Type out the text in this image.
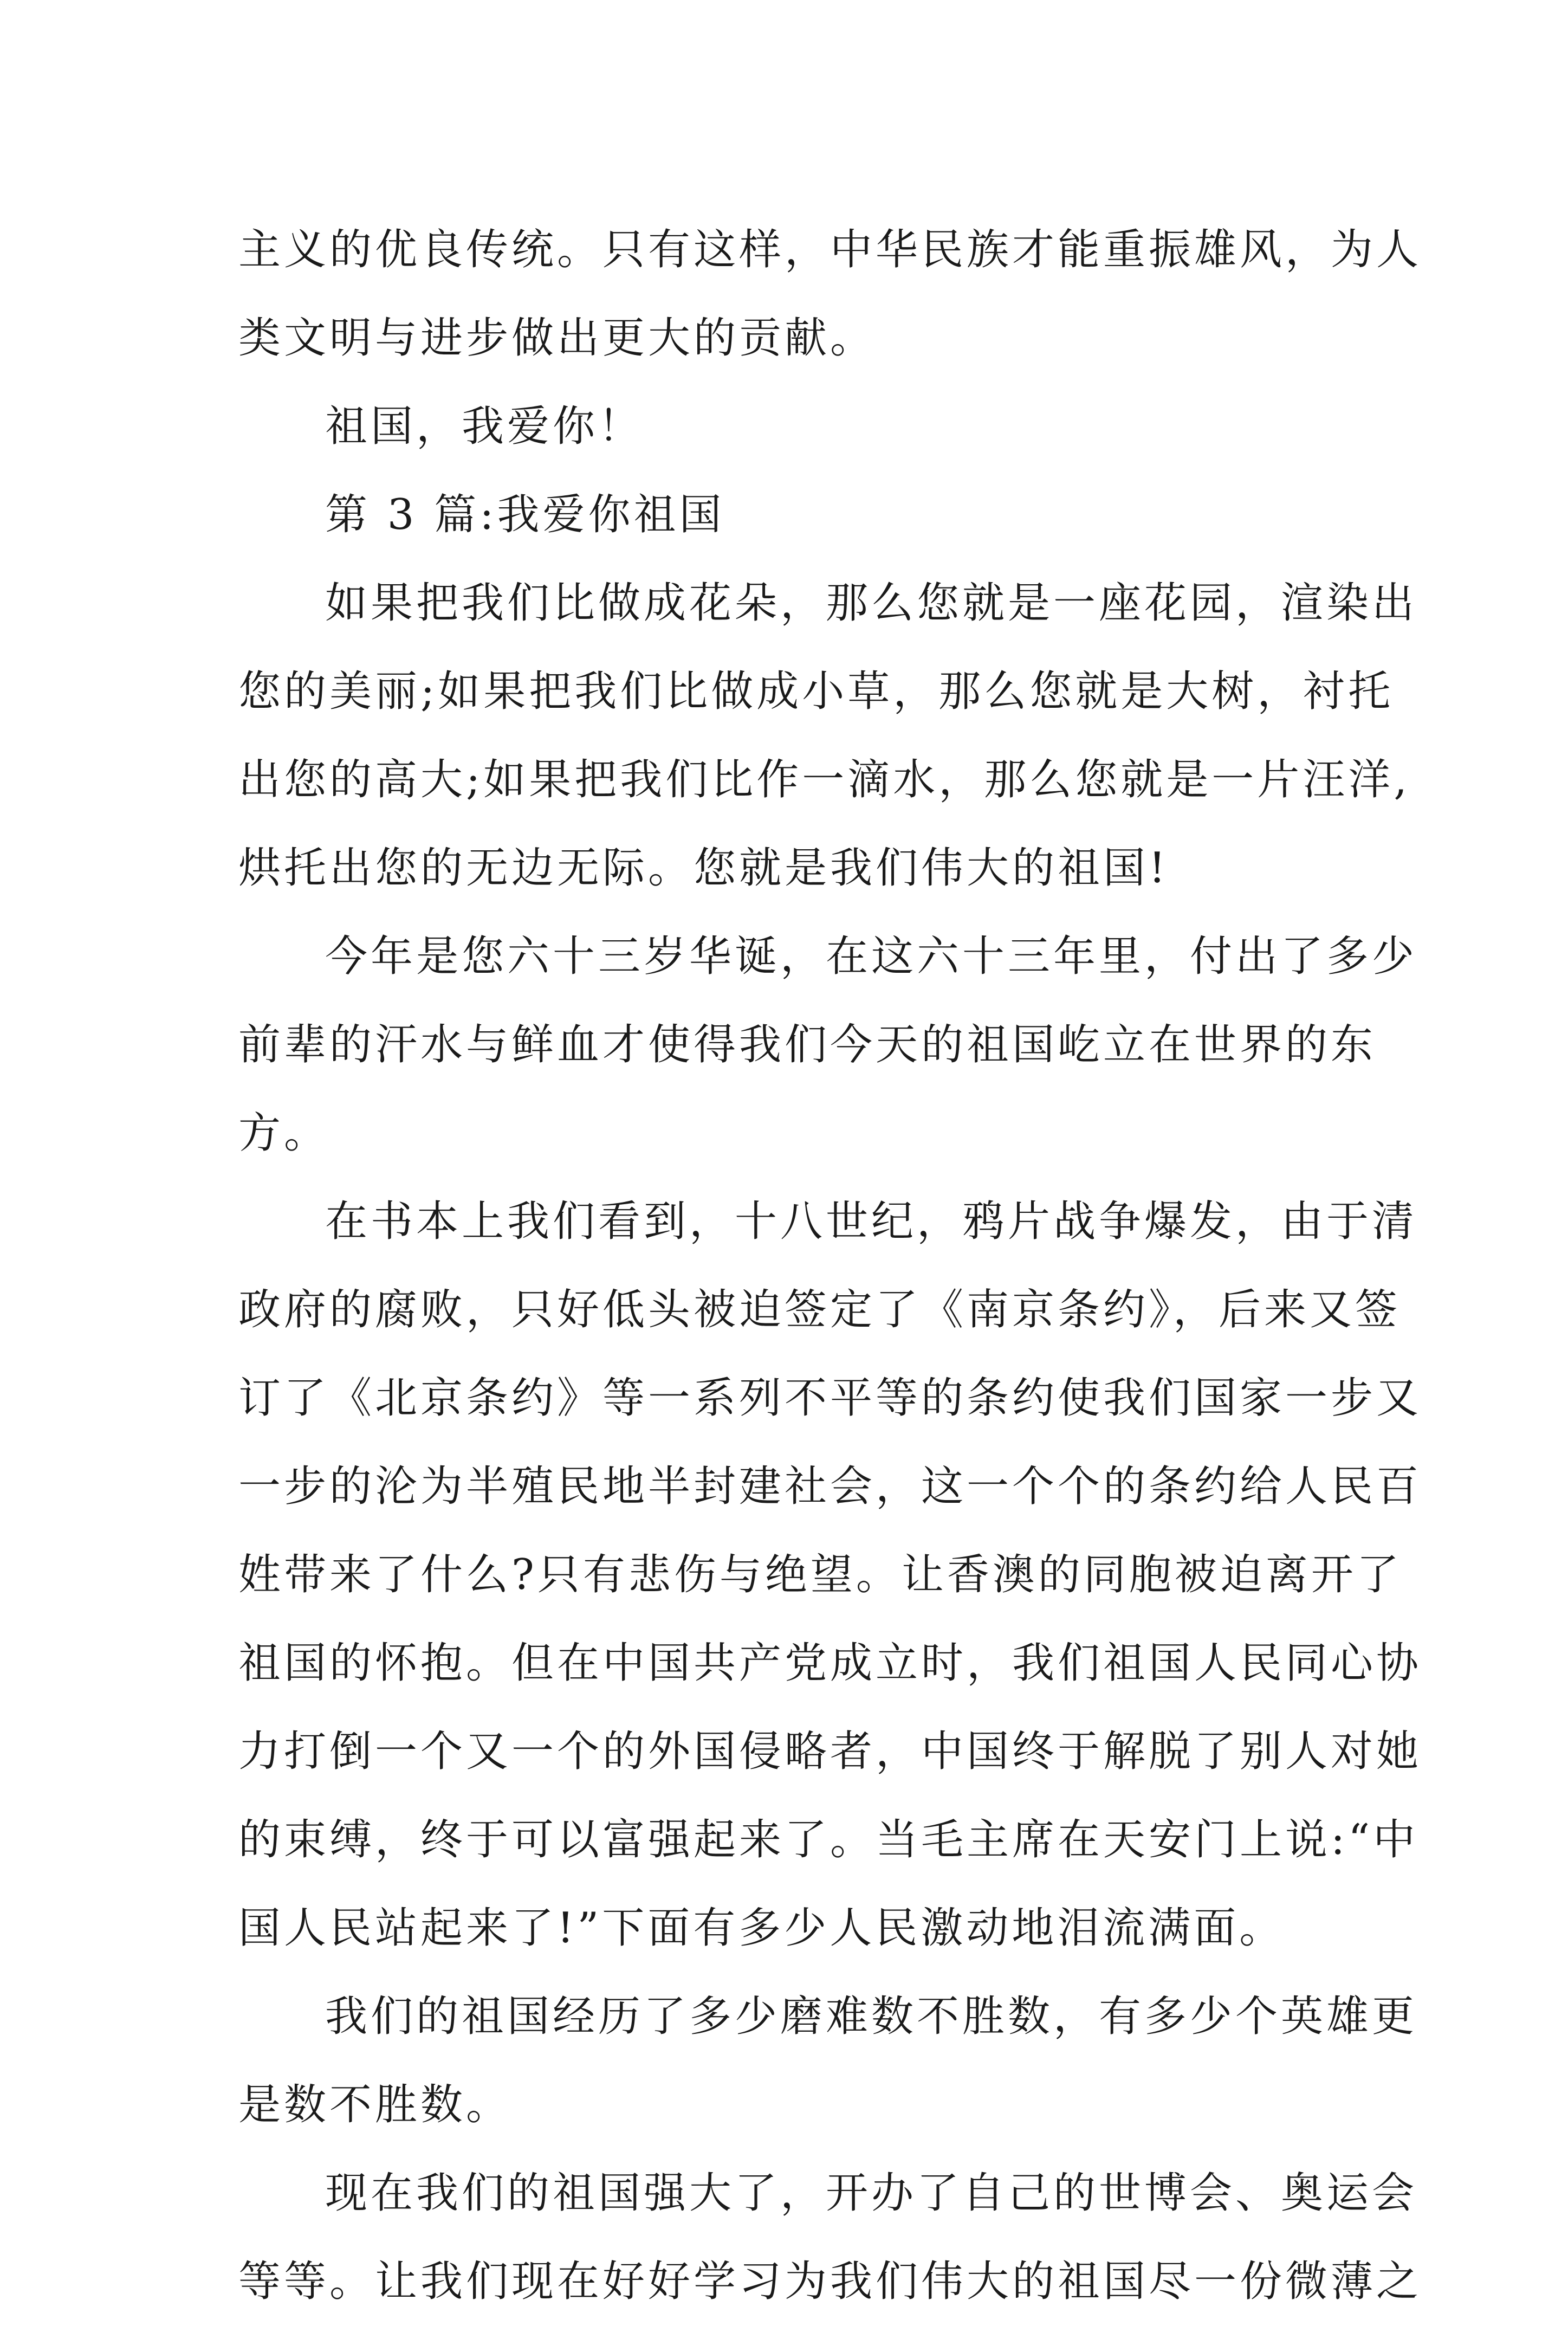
主义的优良传统。只有这样，中华民族才能重振雄风，为人
类文明与进步做出更大的贡献。
祖国，我爱你！
第 3 篇:我爱你祖国
如果把我们比做成花朵，那么您就是一座花园，渲染出
您的美丽;如果把我们比做成小草，那么您就是大树，衬托
出您的高大;如果把我们比作一滴水，那么您就是一片汪洋,
烘托出您的无边无际。您就是我们伟大的祖国!
今年是您六十三岁华诞，在这六十三年里，付出了多少
前辈的汗水与鲜血才使得我们今天的祖国屹立在世界的东
方。
在书本上我们看到，十八世纪，鸦片战争爆发，由于清
政府的腐败，只好低头被迫签定了《南京条约》，后来又签
订了《北京条约》等一系列不平等的条约使我们国家一步又
一步的沦为半殖民地半封建社会，这一个个的条约给人民百
姓带来了什么?只有悲伤与绝望。让香澳的同胞被迫离开了
祖国的怀抱。但在中国共产党成立时，我们祖国人民同心协
力打倒一个又一个的外国侵略者，中国终于解脱了别人对她
的束缚，终于可以富强起来了。当毛主席在天安门上说:“中
国人民站起来了!”下面有多少人民激动地泪流满面。
我们的祖国经历了多少磨难数不胜数，有多少个英雄更
是数不胜数。
现在我们的祖国强大了，开办了自己的世博会、奥运会
等等。让我们现在好好学习为我们伟大的祖国尽一份微薄之
